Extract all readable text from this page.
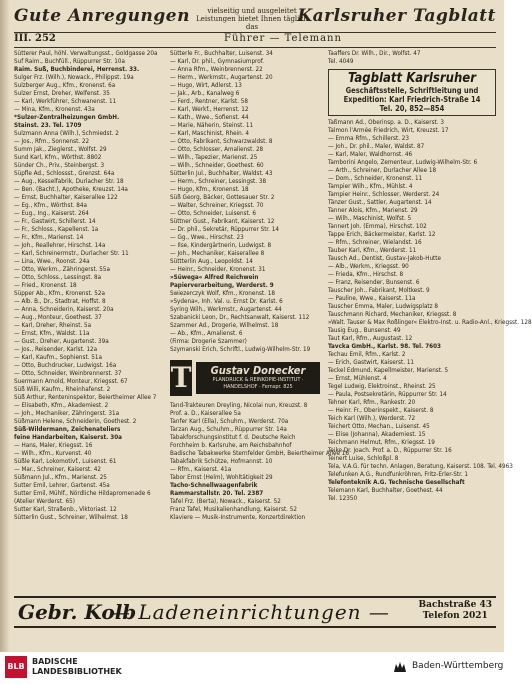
Gute Anregungen	vielseitig und ausgeleitet Leistungen bietet Ihnen täglich das
Karlsruher Tagblatt
III. 252	Führer — Telemann
Sütterer Paul, höhl. Verwaltungsst., Goldgasse 20a
Suf Raim., Buchfüll., Rüppurrer Str. 10a
Raim. Suß, Buchbinderei, Herrenst. 33.
Sulger Frz. (Wilh.), Nowack., Philippst. 19a
Sulzberger Aug., Kfm., Kronenst. 6a
Sulzer Ernst, Dreher, Welfenst. 35
— Karl, Werkführer, Schwanenst. 11
— Mina, Kfm., Kronenst. 43a
*Sulzer-Zentralheizungen GmbH.
Stainst. 23. Tel. 1709
Sulzmann Anna (Wilh.), Schmiedst. 2
— Jos., Rfm., Sonnenst. 22
Summ Jak., Zieglerst., Wolfst. 29
Sund Karl, Kfm., Wörthst. 8802
Sünder Ch., Priv., Steinbergst. 3
Süpfle Ad., Schlossst., Grenzst. 64a
— Aug., Kesselfabrik, Durlacher Str. 18
— Ben. (Bacht.), Apotheke, Kreuzst. 14a
— Ernst, Buchhalter, Kaiserallee 122
— Eg., Kfm., Wörthst. 84a
— Eug., Ing., Kaiserst. 264
— Fr., Gastwirt, Schillerst. 14
— Fr., Schloss., Kapellenst. 1a
— Fr., Kfm., Marienst. 14
— Joh., Reallehrer, Hirschst. 14a
— Karl, Schreinermstr., Durlacher Str. 11
— Lina, Wwe., Roonst. 24a
— Otto, Werkm., Zähringerst. 55a
— Otto, Schloss., Lessingst. 8a
— Fried., Kronenst. 18
Süpper Ab., Kfm., Kronenst. 52a
— Alb. B., Dr., Stadtrat, Hoffst. 8
— Anna, Schneiderin, Kaiserst. 20a
— Aug., Monteur, Goethest. 37
— Karl, Dreher, Rheinst. 5a
— Ernst, Kfm., Waldst. 11a
— Gust., Dreher, Augartenst. 39a
— Jos., Reisender, Karlst. 12a
— Karl, Kaufm., Sophienst. 51a
— Otto, Buchdrucker, Ludwigst. 16a
— Otto, Schneider, Weinbrennerst. 37
Suermann Arnold, Monteur, Kriegsst. 67
Süß Willi, Kaufm., Rheinhafenst. 2
Süß Arthur, Renteninspektor, Beiertheimer Allee 7
— Elisabeth, Kfm., Akademiest. 2
— Joh., Mechaniker, Zähringerst. 31a
Süßmann Helene, Schneiderin, Goethest. 2
Süß-Wildermann, Zeichenateliers
feine Handarbeiten, Kaiserst. 30a
— Hans, Maler, Kriegsst. 16
— Wilh., Kfm., Kurvenst. 40
Süßle Karl, Lokomotivf., Luisenst. 61
— Mar., Schreiner, Kaiserst. 42
Süßmann Jul., Kfm., Marienst. 25
Sutter Emil, Lehrer, Gartenst. 45a
Sutter Emil, Mühlf., Nördliche Hildapromenade 6
(Atelier Werderst. 65)
Sutter Karl, Straßenb., Viktoriast. 12
Sütterlin Gust., Schreiner, Wilhelmst. 18
Sütterle Fr., Buchhalter, Luisenst. 34
— Karl, Dr. phil., Gymnasiumprof.
— Anna Rfm., Weinbrennerst. 22
— Herm., Werkmstr., Augartenst. 20
— Hugo, Wirt, Adlerst. 13
— Jak., Arb., Kanalweg 6
— Ferd., Rentner, Karlst. 58
— Karl, Werkf., Herrenst. 12
— Kath., Wwe., Sofienst. 44
— Marie, Näherin, Steinst. 11
— Karl, Maschinist, Rhein. 4
— Otto, Fabrikant, Schwarzwaldst. 8
— Otto, Schlosser, Amalienst. 28
— Wilh., Tapezier, Marienst. 25
— Wilh., Schneider, Goethest. 60
Sütterlin Jul., Buchhalter, Waldst. 43
— Herm., Schreiner, Lessingst. 38
— Hugo, Kfm., Kronenst. 18
Süß Georg, Bäcker, Gottesauer Str. 2
— Walter, Schreiner, Kriegsst. 70
— Otto, Schneider, Luisenst. 6
Süttner Gust., Fabrikant, Kaiserst. 12
— Dr. phil., Sekretär, Rüppurrer Str. 14
— Gg., Wwe., Hirschst. 23
— Ilse, Kindergärtnerin, Ludwigst. 8
— Joh., Mechaniker, Kaiserallee 8
Süttterlin Aug., Leopoldst. 14
— Heinr., Schneider, Kronenst. 31
»Süwega« Alfred Reichwein
Papierverarbeitung, Werderst. 9
Swiezerczyk Wolf, Kfm., Kronenst. 18
»Sydena«, Inh. Val. u. Ernst Dr. Karlst. 6
Syring Wilh., Werkmstr., Augartenst. 44
Szabanicki Leon, Dr., Rechtsanwalt, Kaiserst. 112
Szammer Ad., Drogerie, Wilhelmst. 18
— Ab., Kfm., Amalienst. 6
(Firma: Drogerie Szammer)
Szymanski Erich, Schriftl., Ludwig-Wilhelm-Str. 19
T	Gustav Donecker
PLANDRUCK & REINKOPIE-INSTITUT · HANDELSHOF · Fernspr. 825
Tand-Trakteuren Dreyling, Nicolai nun, Kreuzst. 8
Prof. a. D., Kaiserallee 5a
Tanfer Karl (Ella), Schuhm., Werderst. 70a
Tarzan Aug., Schuhm., Rüppurrer Str. 14a
Tabakforschungsinstitut f. d. Deutsche Reich
Forchheim b. Karlsruhe, am Reichsbahnhof
Badische Tabakwerke Sternfelder GmbH, Beiertheimer Allee 16
Tabakfabrik Schütze, Hofmannst. 10
— Rfm., Kaiserst. 41a
Tabor Ernst (Helm), Wohltätigkeit 29
Tacho-Schnellwaagenfabrik
Rammarstallstr. 20. Tel. 2387
Tafel Frz. (Berta), Nowack., Kaiserst. 52
Franz Tafel, Musikalienhandlung, Kaiserst. 52
Klaviere — Musik-Instrumente, Konzertdirektion
Taaffers Dr. Wilh., Dir., Wolfst. 47
Tel. 4049
Tagblatt Karlsruher
Geschäftsstelle, Schriftleitung und
Expedition: Karl Friedrich-Straße 14
Tel. 20, 852—854
Taßmann Ad., Oberinsp. a. D., Kaiserst. 3
Talmon l'Armée Friedrich, Wirt, Kreuzst. 17
— Emma Rfm., Schillerst. 23
— Joh., Dr. phil., Maler, Waldst. 87
— Karl, Maler, Waldhornst. 46
Tamborini Angelo, Zementeur, Ludwig-Wilhelm-Str. 6
— Arth., Schreiner, Durlacher Allee 18
— Dom., Schneider, Kronenst. 11
Tampier Wilh., Kfm., Mühlst. 4
Tampier Heinr., Schlosser, Werderst. 24
Tänzer Gust., Sattler, Augartenst. 14
Tanner Alois, Kfm., Marienst. 29
— Wilh., Maschinist, Wolfst. 5
Tannert Joh. (Emma), Hirschst. 102
Tappe Erich, Bäckermeister, Karlst. 12
— Rfm., Schreiner, Wielandst. 16
Tauber Karl, Kfm., Werderst. 11
Tausch Ad., Dentist, Gustav-Jakob-Hutte
— Alb., Werkm., Kriegsst. 90
— Frieda, Kfm., Hirschst. 8
— Franz, Reisender, Bunsenst. 6
Tauscher Joh., Fabrikant, Moltkest. 9
— Pauline, Wwe., Kaiserst. 11a
Tauscher Emma, Maler, Ludwigsplatz 8
Tauschmann Richard, Mechaniker, Kriegsst. 8
»Walt. Tauser & Max Roßlinger« Elektro-Inst. u. Radio-Anl., Kriegsst. 128
Tausig Eug., Bunsenst. 49
Taut Karl, Rfm., Augustast. 12
Tavcka GmbH., Karlst. 98. Tel. 7603
Techau Emil, Rfm., Karlst. 2
— Erich, Gastwirt, Kaiserst. 11
Teckel Edmund, Kapellmeister, Marienst. 5
— Ernst, Mühlenst. 4
Tegel Ludwig, Elektroinst., Rheinst. 25
— Paula, Postsekretärin, Rüppurrer Str. 14
Tehner Karl, Rfm., Rankestr. 20
— Heinr. Fr., Oberinspekt., Kaiserst. 8
Teich Karl (Wilh.), Werderst. 72
Teichert Otto, Mechan., Luisenst. 45
— Elise (Johanna), Akademiest. 15
Teichmann Helmut, Rfm., Kriegsst. 19
Teike Dr. Joach. Prof. a. D., Rüppurrer Str. 16
Teinert Luise, Schloßpl. 8
Tela, V.A.G. für techn. Anlagen, Beratung, Kaiserst. 108. Tel. 4963
Telefunken A.G., Rundfunkröhren, Fritz-Erler-Str. 1
Telefonteknik A.G. Technische Gesellschaft
Telemann Karl, Buchhalter, Goethest. 44
Tel. 12350
Gebr. Kolb
— Ladeneinrichtungen —	Bachstraße 43
Telefon 2021
BLB
BADISCHE
LANDESBIBLIOTHEK
Baden-Württemberg
